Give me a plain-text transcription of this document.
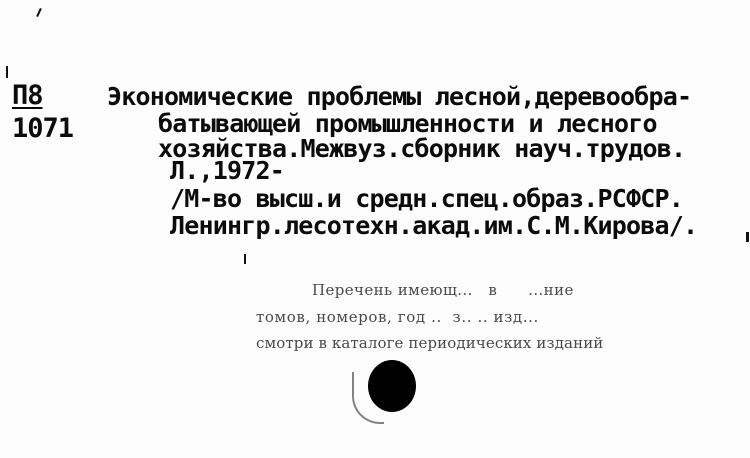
П8
1071
Экономические проблемы лесной,деревообра-
батывающей промышленности и лесного
хозяйства.Межвуз.сборник науч.трудов.
Л.,1972-
/М-во высш.и средн.спец.образ.РСФСР.
Ленингр.лесотехн.акад.им.С.М.Кирова/.
Перечень имеющ...   в      ...ние
томов, номеров, год ..  з.. .. изд...
смотри в каталоге периодических изданий
